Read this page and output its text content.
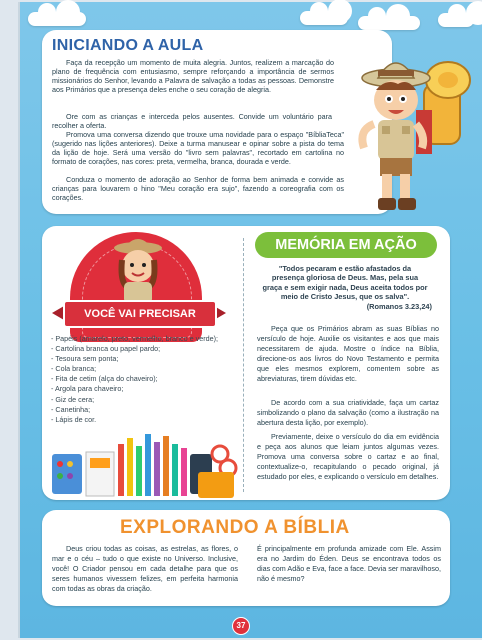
INICIANDO A AULA

Faça da recepção um momento de muita alegria. Juntos, realizem a marcação do plano de frequência com entusiasmo, sempre reforçando a importância de sermos missionários do Senhor, levando a Palavra de salvação a todas as pessoas. Demonstre aos Primários que a presença deles enche o seu coração de alegria.

Ore com as crianças e interceda pelos ausentes. Convide um voluntário para recolher a oferta.

Promova uma conversa dizendo que trouxe uma novidade para o espaço "BíbliaTeca" (sugerido nas lições anteriores). Deixe a turma manusear e opinar sobre a pista do tema da lição de hoje. Será uma versão do "livro sem palavras", recortado em cartolina no formato de corações, nas cores: preta, vermelha, branca, dourada e verde.

Conduza o momento de adoração ao Senhor de forma bem animada e convide as crianças para louvarem o hino "Meu coração era sujo", fazendo a coreografia com os corações.

VOCÊ VAI PRECISAR
- Papéis (amarelo, preto, vermelho, branco e verde);
- Cartolina branca ou papel pardo;
- Tesoura sem ponta;
- Cola branca;
- Fita de cetim (alça do chaveiro);
- Argola para chaveiro;
- Giz de cera;
- Canetinha;
- Lápis de cor.
MEMÓRIA EM AÇÃO
"Todos pecaram e estão afastados da presença gloriosa de Deus. Mas, pela sua graça e sem exigir nada, Deus aceita todos por meio de Cristo Jesus, que os salva".
(Romanos 3.23,24)

Peça que os Primários abram as suas Bíblias no versículo de hoje. Auxilie os visitantes e aos que mais necessitarem de ajuda. Mostre o índice na Bíblia, direcione-os aos livros do Novo Testamento e permita que eles mesmos explorem, comentem sobre as abreviaturas, tirem dúvidas etc.

De acordo com a sua criatividade, faça um cartaz simbolizando o plano da salvação (como a ilustração na abertura desta lição, por exemplo).

Previamente, deixe o versículo do dia em evidência e peça aos alunos que leiam juntos algumas vezes. Promova uma conversa sobre o cartaz e ao final, contextualize-o, recapitulando o pecado original, já estudado por eles, e explicando o versículo em detalhes.

EXPLORANDO A BÍBLIA

Deus criou todas as coisas, as estrelas, as flores, o mar e o céu – tudo o que existe no Universo. Inclusive, você! O Criador pensou em cada detalhe para que os seres humanos vivessem felizes, em perfeita harmonia com todas as obras da criação.

É principalmente em profunda amizade com Ele. Assim era no Jardim do Éden. Deus se encontrava todos os dias com Adão e Eva, face a face. Devia ser maravilhoso, não é mesmo?

37
